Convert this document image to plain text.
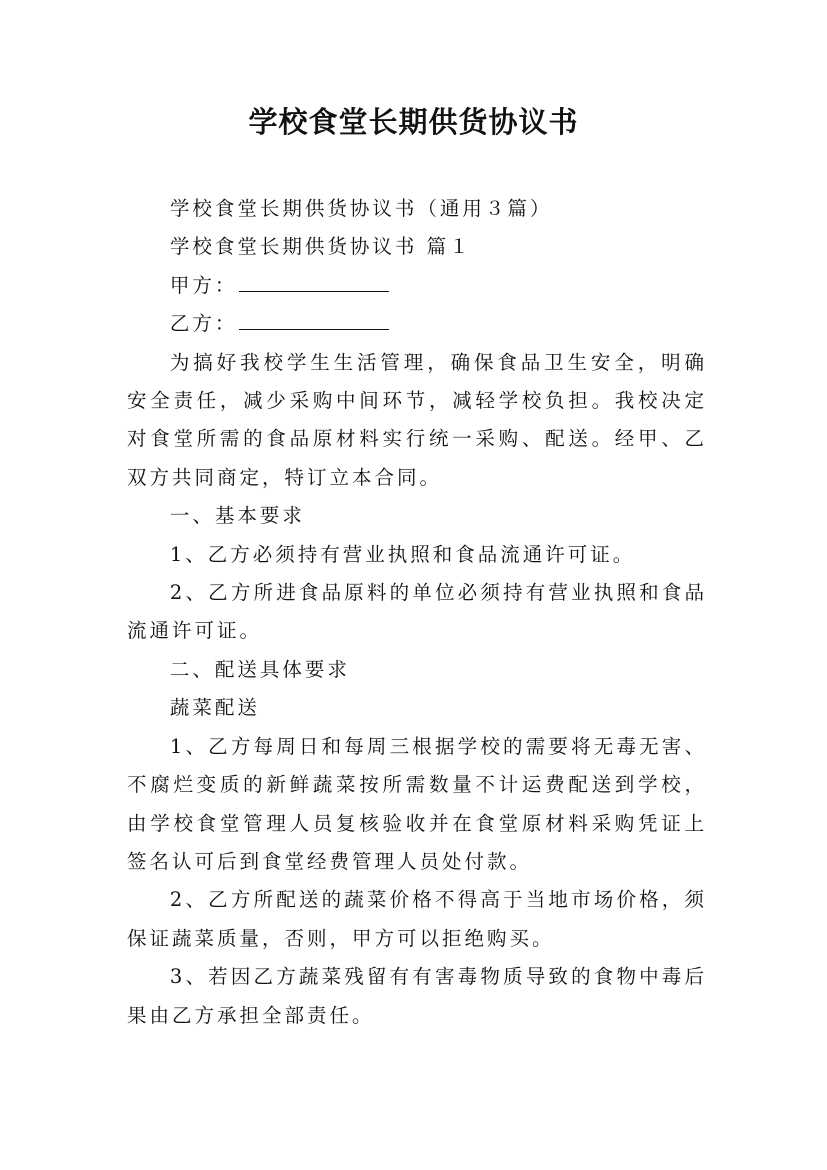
学校食堂长期供货协议书

学校食堂长期供货协议书（通用３篇）

学校食堂长期供货协议书 篇１

甲方：

乙方：

为搞好我校学生生活管理，确保食品卫生安全，明确安全责任，减少采购中间环节，减轻学校负担。我校决定对食堂所需的食品原材料实行统一采购、配送。经甲、乙双方共同商定，特订立本合同。

一、基本要求

1、乙方必须持有营业执照和食品流通许可证。

2、乙方所进食品原料的单位必须持有营业执照和食品流通许可证。

二、配送具体要求

蔬菜配送

1、乙方每周日和每周三根据学校的需要将无毒无害、不腐烂变质的新鲜蔬菜按所需数量不计运费配送到学校，由学校食堂管理人员复核验收并在食堂原材料采购凭证上签名认可后到食堂经费管理人员处付款。

2、乙方所配送的蔬菜价格不得高于当地市场价格，须保证蔬菜质量，否则，甲方可以拒绝购买。

3、若因乙方蔬菜残留有有害毒物质导致的食物中毒后果由乙方承担全部责任。
